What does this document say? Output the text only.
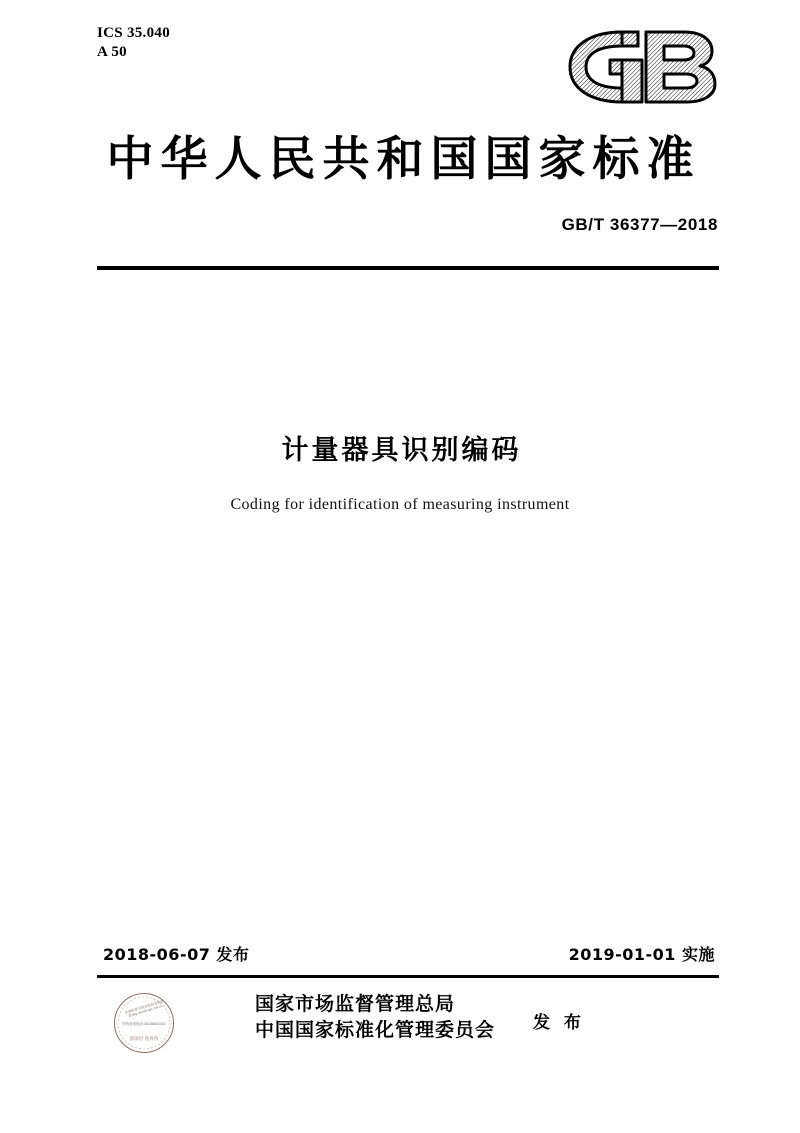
ICS 35.040
A 50
中华人民共和国国家标准
GB/T 36377—2018
计量器具识别编码
Coding for identification of measuring instrument
2018-06-07 发布	2019-01-01 实施
中国标准出版社防伪查询网址http://www.spc.net.cn
防伪查询电话:010-68522315
刮涂层 查真伪
国家市场监督管理总局
中国国家标准化管理委员会 发 布
